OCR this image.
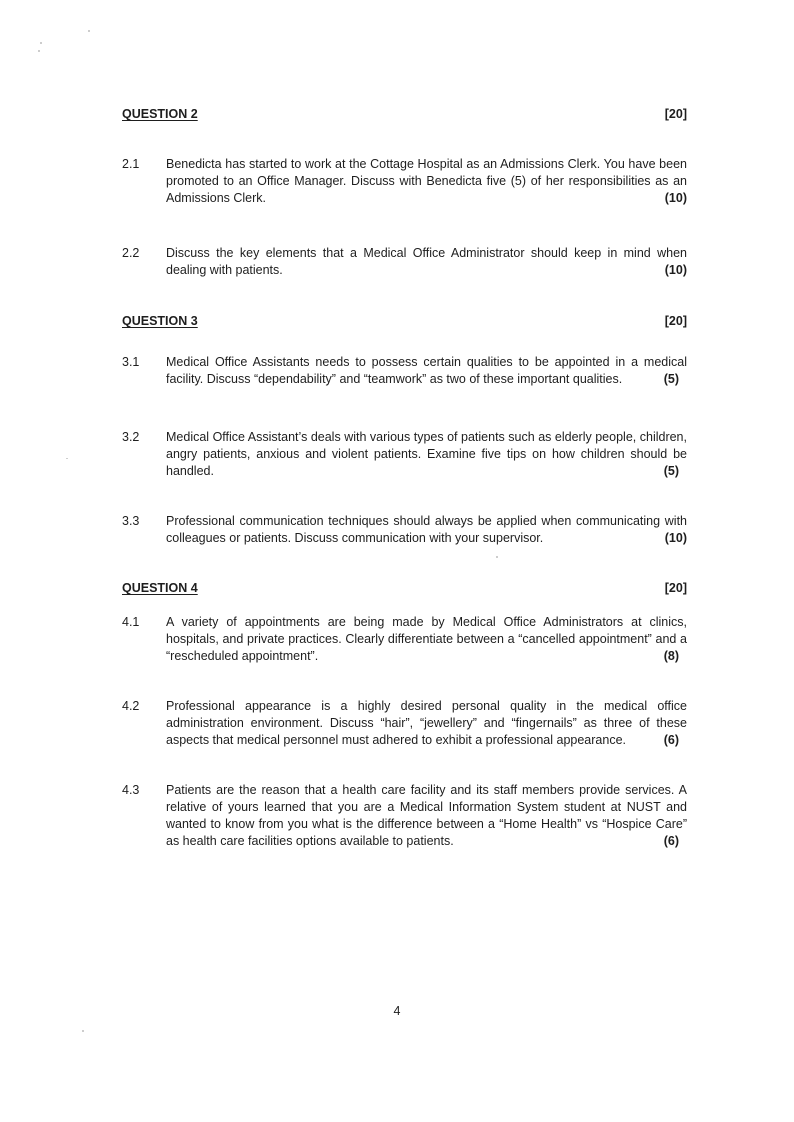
QUESTION 2	[20]
2.1	Benedicta has started to work at the Cottage Hospital as an Admissions Clerk. You have been promoted to an Office Manager. Discuss with Benedicta five (5) of her responsibilities as an Admissions Clerk.	(10)
2.2	Discuss the key elements that a Medical Office Administrator should keep in mind when dealing with patients.	(10)
QUESTION 3	[20]
3.1	Medical Office Assistants needs to possess certain qualities to be appointed in a medical facility. Discuss “dependability” and “teamwork” as two of these important qualities.	(5)
3.2	Medical Office Assistant’s deals with various types of patients such as elderly people, children, angry patients, anxious and violent patients. Examine five tips on how children should be handled.	(5)
3.3	Professional communication techniques should always be applied when communicating with colleagues or patients. Discuss communication with your supervisor.	(10)
QUESTION 4	[20]
4.1	A variety of appointments are being made by Medical Office Administrators at clinics, hospitals, and private practices. Clearly differentiate between a “cancelled appointment” and a “rescheduled appointment”.	(8)
4.2	Professional appearance is a highly desired personal quality in the medical office administration environment. Discuss “hair”, “jewellery” and “fingernails” as three of these aspects that medical personnel must adhered to exhibit a professional appearance.	(6)
4.3	Patients are the reason that a health care facility and its staff members provide services. A relative of yours learned that you are a Medical Information System student at NUST and wanted to know from you what is the difference between a “Home Health” vs “Hospice Care” as health care facilities options available to patients.	(6)
4
